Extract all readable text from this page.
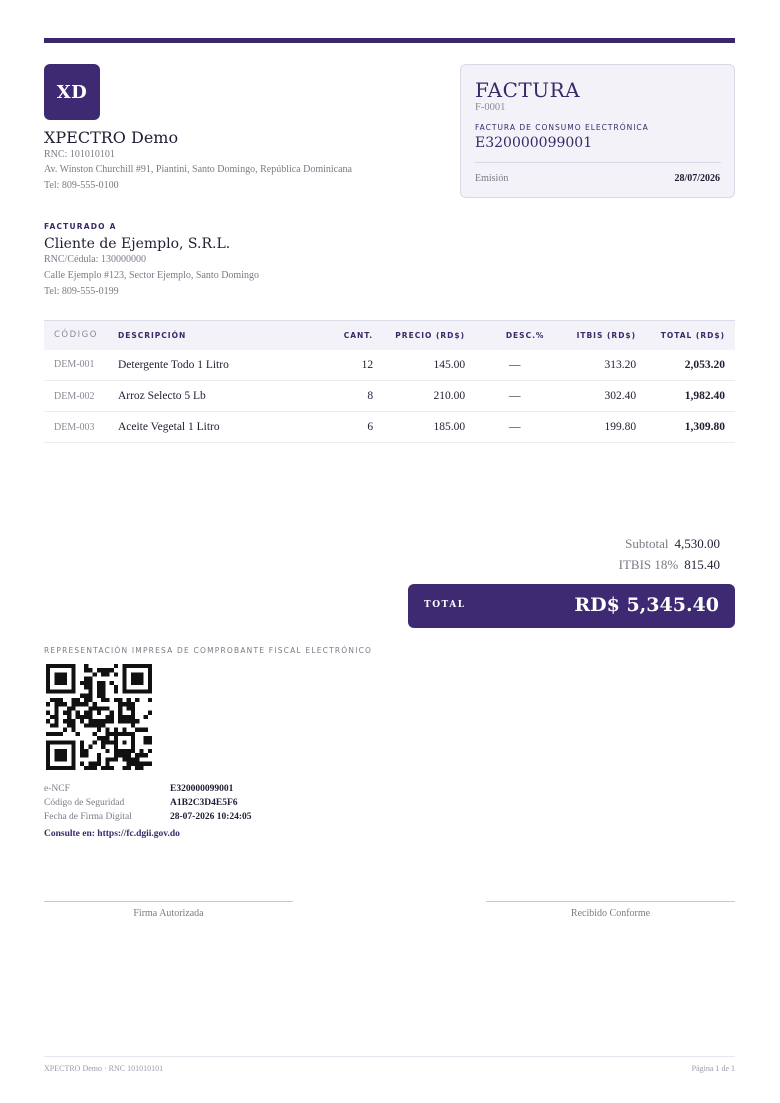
XD
XPECTRO Demo
RNC: 101010101
Av. Winston Churchill #91, Piantini, Santo Domingo, República Dominicana
Tel: 809-555-0100
FACTURA
F-0001
FACTURA DE CONSUMO ELECTRÓNICA
E320000099001
Emisión	28/07/2026
FACTURADO A
Cliente de Ejemplo, S.R.L.
RNC/Cédula: 130000000
Calle Ejemplo #123, Sector Ejemplo, Santo Domingo
Tel: 809-555-0199
CÓDIGO	DESCRIPCIÓN	CANT.	PRECIO (RD$)	DESC.%	ITBIS (RD$)	TOTAL (RD$)
DEM-001	Detergente Todo 1 Litro	12	145.00	—	313.20	2,053.20
DEM-002	Arroz Selecto 5 Lb	8	210.00	—	302.40	1,982.40
DEM-003	Aceite Vegetal 1 Litro	6	185.00	—	199.80	1,309.80
Subtotal 4,530.00
ITBIS 18% 815.40
TOTAL	RD$ 5,345.40
REPRESENTACIÓN IMPRESA DE COMPROBANTE FISCAL ELECTRÓNICO
e-NCF	E320000099001
Código de Seguridad	A1B2C3D4E5F6
Fecha de Firma Digital	28-07-2026 10:24:05
Consulte en: https://fc.dgii.gov.do
Firma Autorizada	Recibido Conforme
XPECTRO Demo · RNC 101010101	Página 1 de 1
